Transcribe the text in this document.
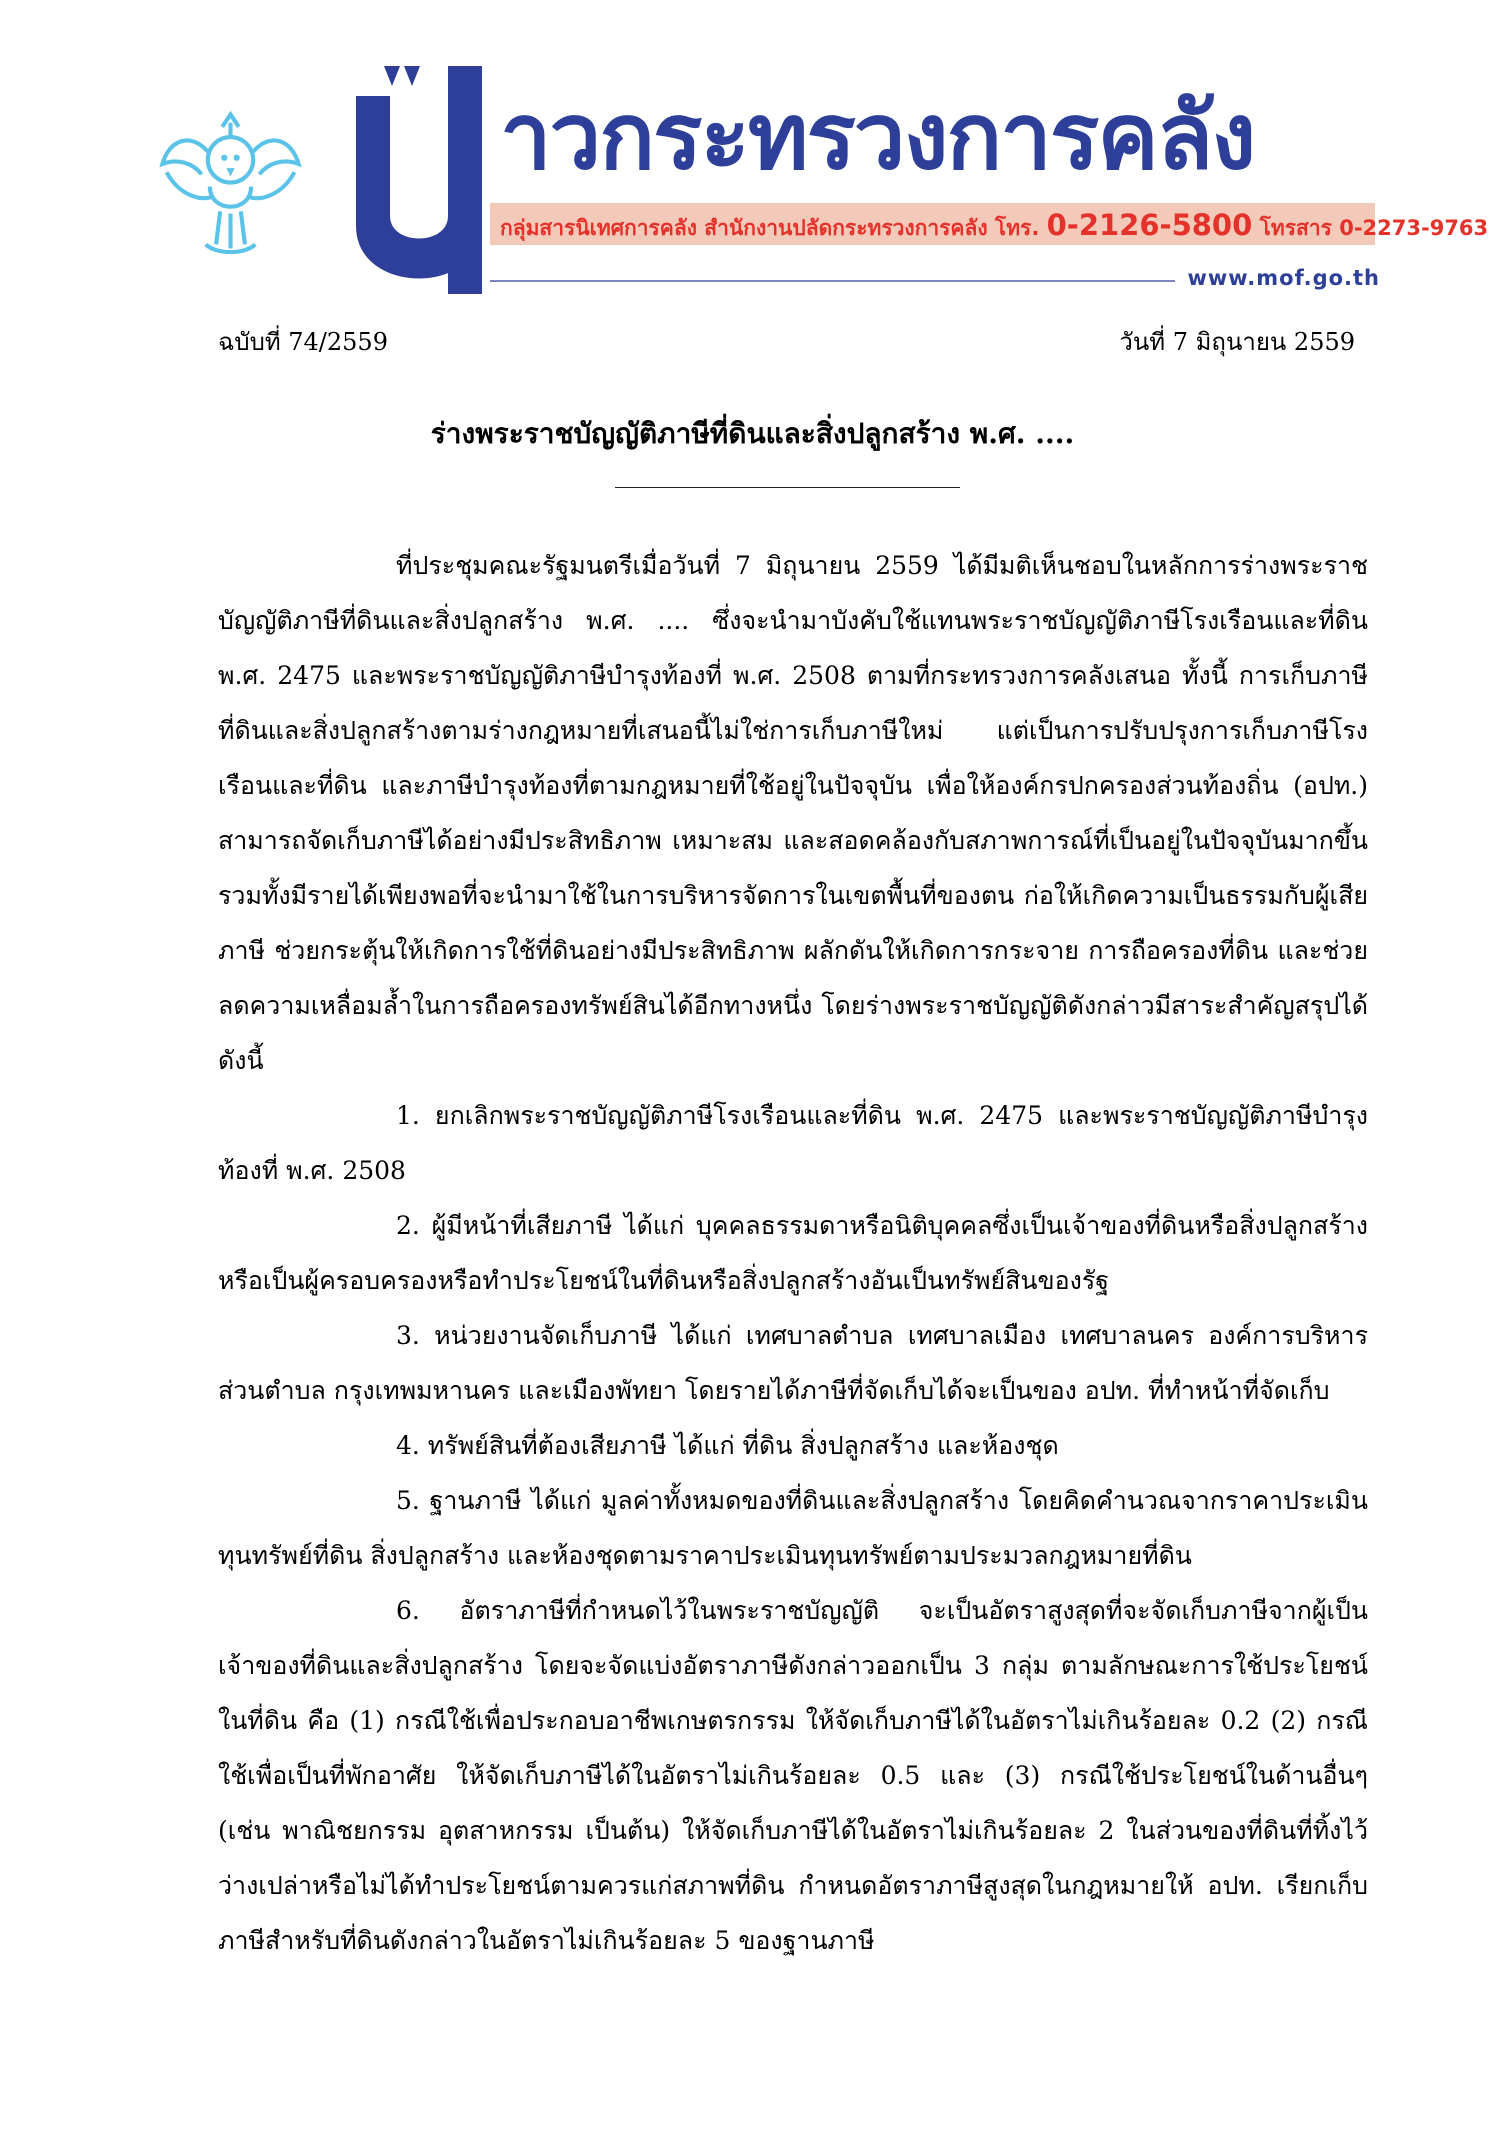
าวกระทรวงการคลัง
กลุ่มสารนิเทศการคลัง สำนักงานปลัดกระทรวงการคลัง โทร. 0-2126-5800 โทรสาร 0-2273-9763
www.mof.go.th
ฉบับที่ 74/2559	วันที่ 7 มิถุนายน 2559
ร่างพระราชบัญญัติภาษีที่ดินและสิ่งปลูกสร้าง พ.ศ. ....

ที่ประชุมคณะรัฐมนตรีเมื่อวันที่ 7 มิถุนายน 2559 ได้มีมติเห็นชอบในหลักการร่างพระราชบัญญัติภาษีที่ดินและสิ่งปลูกสร้าง พ.ศ. .... ซึ่งจะนำมาบังคับใช้แทนพระราชบัญญัติภาษีโรงเรือนและที่ดิน พ.ศ. 2475 และพระราชบัญญัติภาษีบำรุงท้องที่ พ.ศ. 2508 ตามที่กระทรวงการคลังเสนอ ทั้งนี้ การเก็บภาษีที่ดินและสิ่งปลูกสร้างตามร่างกฎหมายที่เสนอนี้ไม่ใช่การเก็บภาษีใหม่ แต่เป็นการปรับปรุงการเก็บภาษีโรงเรือนและที่ดิน และภาษีบำรุงท้องที่ตามกฎหมายที่ใช้อยู่ในปัจจุบัน เพื่อให้องค์กรปกครองส่วนท้องถิ่น (อปท.) สามารถจัดเก็บภาษีได้อย่างมีประสิทธิภาพ เหมาะสม และสอดคล้องกับสภาพการณ์ที่เป็นอยู่ในปัจจุบันมากขึ้น รวมทั้งมีรายได้เพียงพอที่จะนำมาใช้ในการบริหารจัดการในเขตพื้นที่ของตน ก่อให้เกิดความเป็นธรรมกับผู้เสียภาษี ช่วยกระตุ้นให้เกิดการใช้ที่ดินอย่างมีประสิทธิภาพ ผลักดันให้เกิดการกระจาย การถือครองที่ดิน และช่วยลดความเหลื่อมล้ำในการถือครองทรัพย์สินได้อีกทางหนึ่ง โดยร่างพระราชบัญญัติดังกล่าวมีสาระสำคัญสรุปได้ ดังนี้

1. ยกเลิกพระราชบัญญัติภาษีโรงเรือนและที่ดิน พ.ศ. 2475 และพระราชบัญญัติภาษีบำรุงท้องที่ พ.ศ. 2508

2. ผู้มีหน้าที่เสียภาษี ได้แก่ บุคคลธรรมดาหรือนิติบุคคลซึ่งเป็นเจ้าของที่ดินหรือสิ่งปลูกสร้าง หรือเป็นผู้ครอบครองหรือทำประโยชน์ในที่ดินหรือสิ่งปลูกสร้างอันเป็นทรัพย์สินของรัฐ

3. หน่วยงานจัดเก็บภาษี ได้แก่ เทศบาลตำบล เทศบาลเมือง เทศบาลนคร องค์การบริหารส่วนตำบล กรุงเทพมหานคร และเมืองพัทยา โดยรายได้ภาษีที่จัดเก็บได้จะเป็นของ อปท. ที่ทำหน้าที่จัดเก็บ

4. ทรัพย์สินที่ต้องเสียภาษี ได้แก่ ที่ดิน สิ่งปลูกสร้าง และห้องชุด

5. ฐานภาษี ได้แก่ มูลค่าทั้งหมดของที่ดินและสิ่งปลูกสร้าง โดยคิดคำนวณจากราคาประเมินทุนทรัพย์ที่ดิน สิ่งปลูกสร้าง และห้องชุดตามราคาประเมินทุนทรัพย์ตามประมวลกฎหมายที่ดิน

6. อัตราภาษีที่กำหนดไว้ในพระราชบัญญัติ จะเป็นอัตราสูงสุดที่จะจัดเก็บภาษีจากผู้เป็นเจ้าของที่ดินและสิ่งปลูกสร้าง โดยจะจัดแบ่งอัตราภาษีดังกล่าวออกเป็น 3 กลุ่ม ตามลักษณะการใช้ประโยชน์ในที่ดิน คือ (1) กรณีใช้เพื่อประกอบอาชีพเกษตรกรรม ให้จัดเก็บภาษีได้ในอัตราไม่เกินร้อยละ 0.2 (2) กรณีใช้เพื่อเป็นที่พักอาศัย ให้จัดเก็บภาษีได้ในอัตราไม่เกินร้อยละ 0.5 และ (3) กรณีใช้ประโยชน์ในด้านอื่นๆ (เช่น พาณิชยกรรม อุตสาหกรรม เป็นต้น) ให้จัดเก็บภาษีได้ในอัตราไม่เกินร้อยละ 2 ในส่วนของที่ดินที่ทิ้งไว้ว่างเปล่าหรือไม่ได้ทำประโยชน์ตามควรแก่สภาพที่ดิน กำหนดอัตราภาษีสูงสุดในกฎหมายให้ อปท. เรียกเก็บภาษีสำหรับที่ดินดังกล่าวในอัตราไม่เกินร้อยละ 5 ของฐานภาษี
